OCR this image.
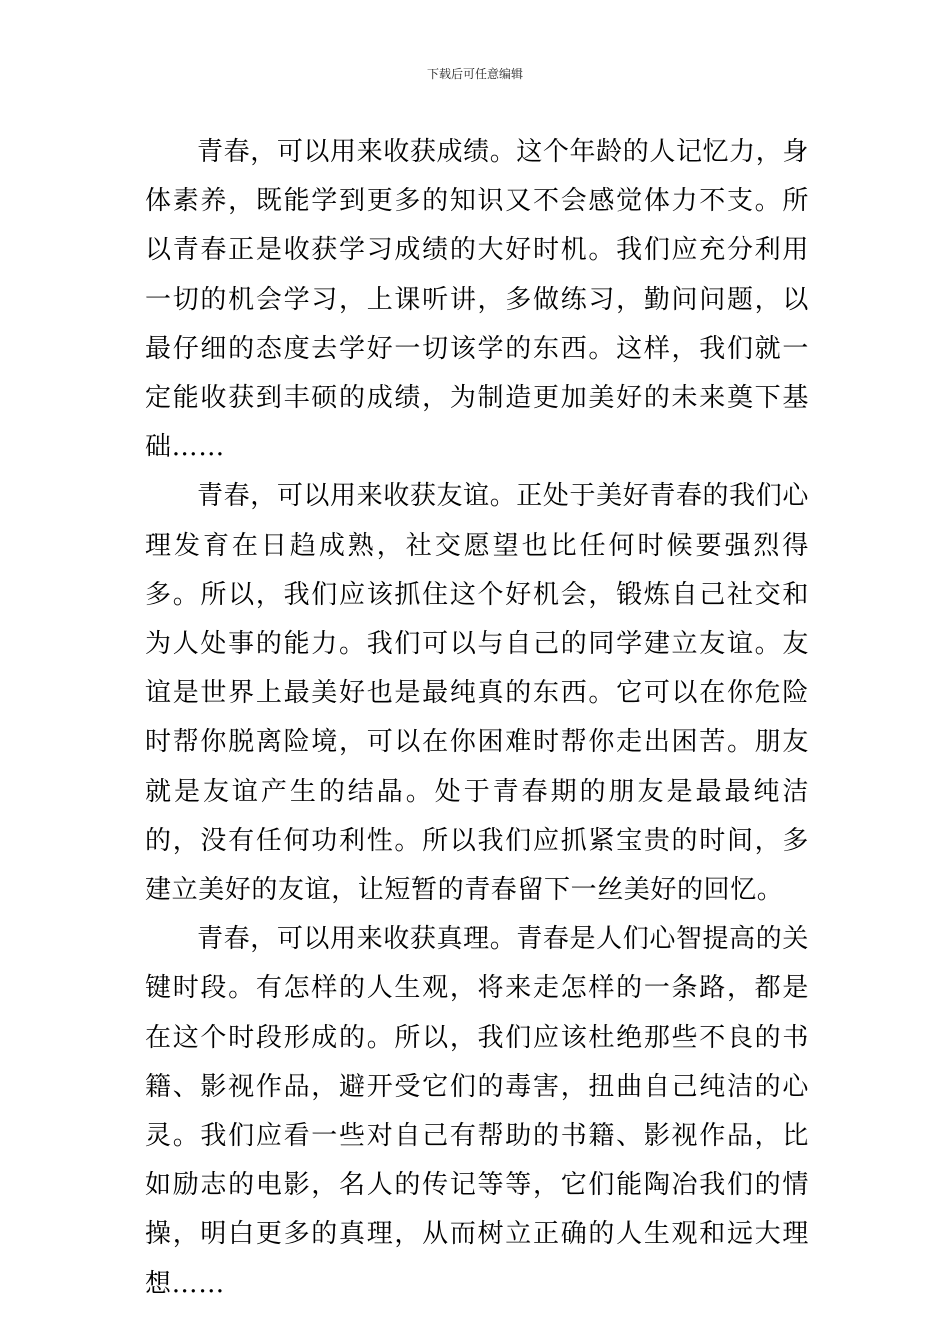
下载后可任意编辑

青春，可以用来收获成绩。这个年龄的人记忆力，身体素养，既能学到更多的知识又不会感觉体力不支。所以青春正是收获学习成绩的大好时机。我们应充分利用一切的机会学习，上课听讲，多做练习，勤问问题，以最仔细的态度去学好一切该学的东西。这样，我们就一定能收获到丰硕的成绩，为制造更加美好的未来奠下基础……

青春，可以用来收获友谊。正处于美好青春的我们心理发育在日趋成熟，社交愿望也比任何时候要强烈得多。所以，我们应该抓住这个好机会，锻炼自己社交和为人处事的能力。我们可以与自己的同学建立友谊。友谊是世界上最美好也是最纯真的东西。它可以在你危险时帮你脱离险境，可以在你困难时帮你走出困苦。朋友就是友谊产生的结晶。处于青春期的朋友是最最纯洁的，没有任何功利性。所以我们应抓紧宝贵的时间，多建立美好的友谊，让短暂的青春留下一丝美好的回忆。

青春，可以用来收获真理。青春是人们心智提高的关键时段。有怎样的人生观，将来走怎样的一条路，都是在这个时段形成的。所以，我们应该杜绝那些不良的书籍、影视作品，避开受它们的毒害，扭曲自己纯洁的心灵。我们应看一些对自己有帮助的书籍、影视作品，比如励志的电影，名人的传记等等，它们能陶冶我们的情操，明白更多的真理，从而树立正确的人生观和远大理想……
